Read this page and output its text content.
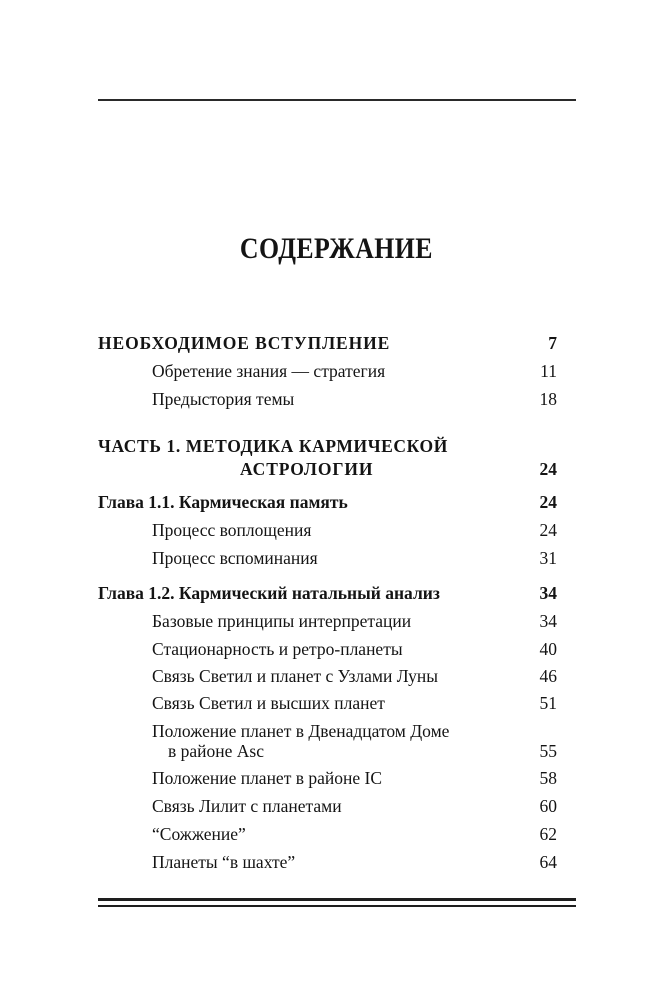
СОДЕРЖАНИЕ
НЕОБХОДИМОЕ ВСТУПЛЕНИЕ	7
Обретение знания — стратегия	11
Предыстория темы	18
ЧАСТЬ 1. МЕТОДИКА КАРМИЧЕСКОЙ
АСТРОЛОГИИ	24
Глава 1.1. Кармическая память	24
Процесс воплощения	24
Процесс вспоминания	31
Глава 1.2. Кармический натальный анализ	34
Базовые принципы интерпретации	34
Стационарность и ретро-планеты	40
Связь Светил и планет с Узлами Луны	46
Связь Светил и высших планет	51
Положение планет в Двенадцатом Доме
в районе Asc	55
Положение планет в районе IC	58
Связь Лилит с планетами	60
“Сожжение”	62
Планеты “в шахте”	64
